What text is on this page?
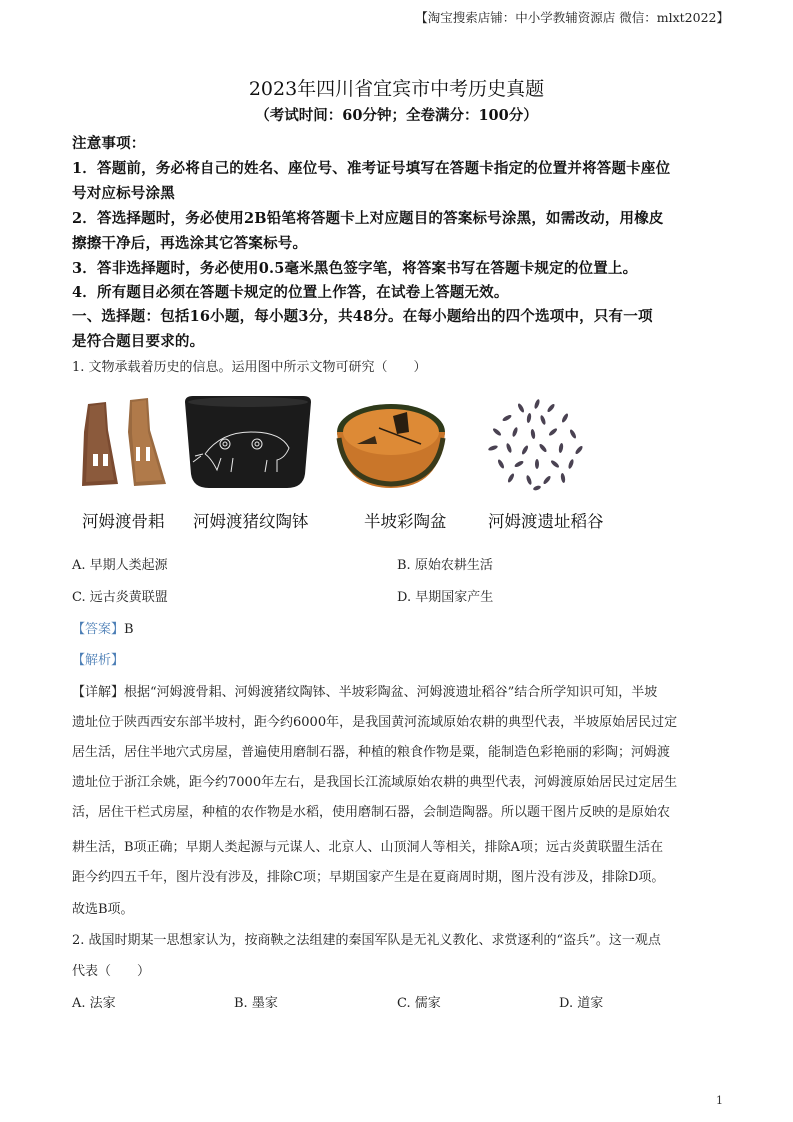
【淘宝搜索店铺：中小学教辅资源店 微信：mlxt2022】
2023年四川省宜宾市中考历史真题
（考试时间：60分钟；全卷满分：100分）
注意事项：
1．答题前，务必将自己的姓名、座位号、准考证号填写在答题卡指定的位置并将答题卡座位
号对应标号涂黑
2．答选择题时，务必使用2B铅笔将答题卡上对应题目的答案标号涂黑，如需改动，用橡皮
擦擦干净后，再选涂其它答案标号。
3．答非选择题时，务必使用0.5毫米黑色签字笔，将答案书写在答题卡规定的位置上。
4．所有题目必须在答题卡规定的位置上作答，在试卷上答题无效。
一、选择题：包括16小题，每小题3分，共48分。在每小题给出的四个选项中，只有一项
是符合题目要求的。
1. 文物承载着历史的信息。运用图中所示文物可研究（　　）
河姆渡骨耜 河姆渡猪纹陶钵	半坡彩陶盆	河姆渡遗址稻谷
A. 早期人类起源	B. 原始农耕生活
C. 远古炎黄联盟	D. 早期国家产生
【答案】B
【解析】
【详解】根据“河姆渡骨耜、河姆渡猪纹陶钵、半坡彩陶盆、河姆渡遗址稻谷”结合所学知识可知，半坡
遗址位于陕西西安东部半坡村，距今约6000年，是我国黄河流域原始农耕的典型代表，半坡原始居民过定
居生活，居住半地穴式房屋，普遍使用磨制石器，种植的粮食作物是粟，能制造色彩艳丽的彩陶；河姆渡
遗址位于浙江余姚，距今约7000年左右，是我国长江流域原始农耕的典型代表，河姆渡原始居民过定居生
活，居住干栏式房屋，种植的农作物是水稻，使用磨制石器，会制造陶器。所以题干图片反映的是原始农
耕生活，B项正确；早期人类起源与元谋人、北京人、山顶洞人等相关，排除A项；远古炎黄联盟生活在
距今约四五千年，图片没有涉及，排除C项；早期国家产生是在夏商周时期，图片没有涉及，排除D项。
故选B项。
2. 战国时期某一思想家认为，按商鞅之法组建的秦国军队是无礼义教化、求赏逐利的“盗兵”。这一观点
代表（　　）
A. 法家	B. 墨家	C. 儒家	D. 道家
1
